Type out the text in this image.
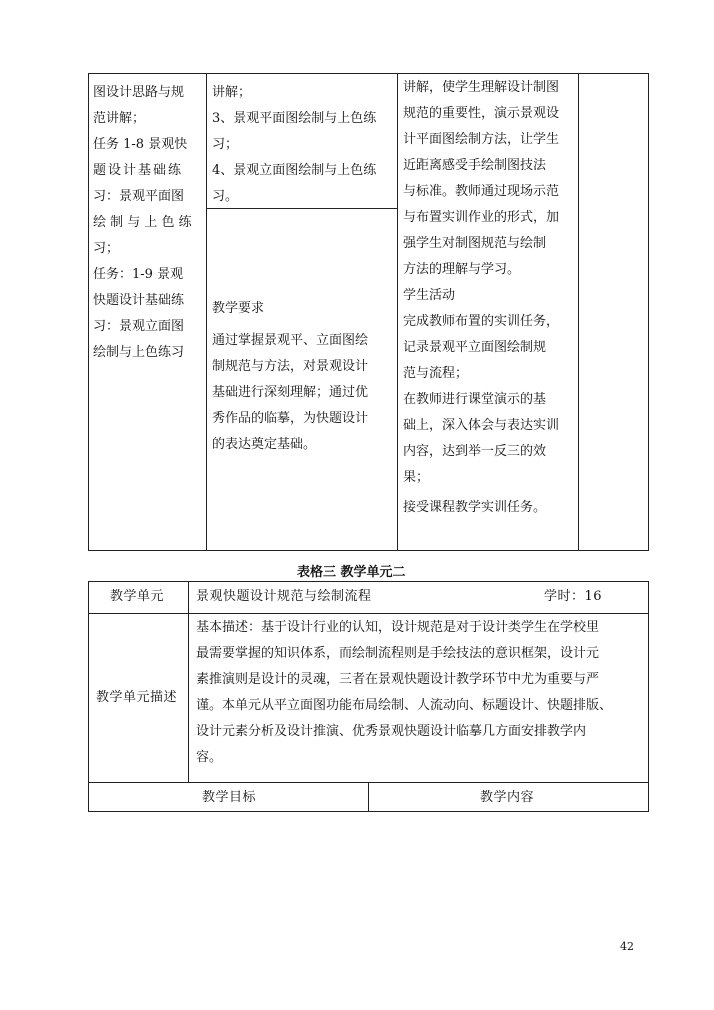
图设计思路与规

范讲解；

任务 1-8 景观快

题设计基础练

习：景观平面图

绘 制 与 上 色 练

习；

任务：1-9 景观

快题设计基础练

习：景观立面图

绘制与上色练习

讲解；

3、景观平面图绘制与上色练

习；

4、景观立面图绘制与上色练

习。

教学要求

通过掌握景观平、立面图绘

制规范与方法，对景观设计

基础进行深刻理解；通过优

秀作品的临摹，为快题设计

的表达奠定基础。

讲解，使学生理解设计制图

规范的重要性，演示景观设

计平面图绘制方法，让学生

近距离感受手绘制图技法

与标准。教师通过现场示范

与布置实训作业的形式，加

强学生对制图规范与绘制

方法的理解与学习。

学生活动

完成教师布置的实训任务，

记录景观平立面图绘制规

范与流程；

在教师进行课堂演示的基

础上，深入体会与表达实训

内容，达到举一反三的效

果；

接受课程教学实训任务。

表格三 教学单元二
教学单元 景观快题设计规范与绘制流程	学时：16
教学单元描述

基本描述：基于设计行业的认知，设计规范是对于设计类学生在学校里

最需要掌握的知识体系，而绘制流程则是手绘技法的意识框架，设计元

素推演则是设计的灵魂，三者在景观快题设计教学环节中尤为重要与严

谨。本单元从平立面图功能布局绘制、人流动向、标题设计、快题排版、

设计元素分析及设计推演、优秀景观快题设计临摹几方面安排教学内

容。

教学目标	教学内容
42
